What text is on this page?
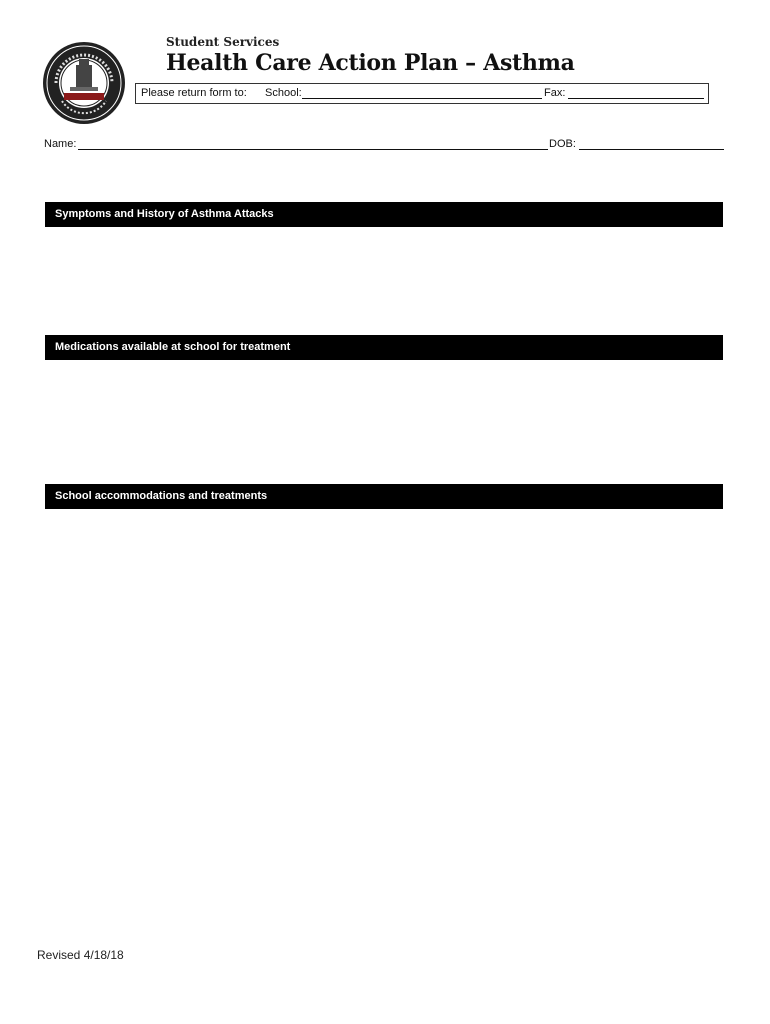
Student Services
Health Care Action Plan – Asthma
Please return form to: School:	Fax:
Name:	DOB:
Symptoms and History of Asthma Attacks
Medications available at school for treatment
School accommodations and treatments
Revised 4/18/18
